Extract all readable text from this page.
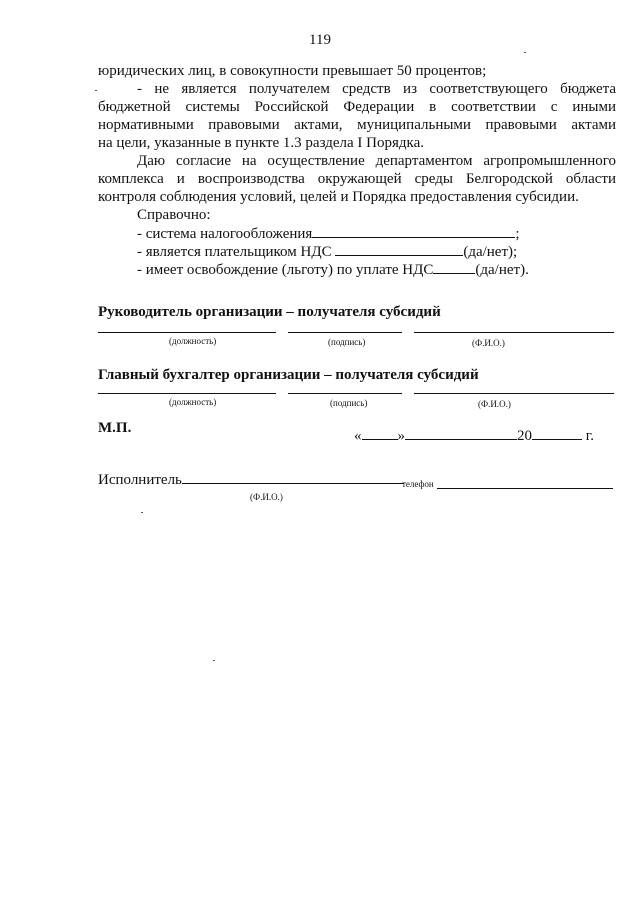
119
юридических лиц, в совокупности превышает 50 процентов;
- не является получателем средств из соответствующего бюджета
бюджетной системы Российской Федерации в соответствии с иными
нормативными правовыми актами, муниципальными правовыми актами
на цели, указанные в пункте 1.3 раздела I Порядка.
Даю согласие на осуществление департаментом агропромышленного
комплекса и воспроизводства окружающей среды Белгородской области
контроля соблюдения условий, целей и Порядка предоставления субсидии.
Справочно:
- система налогообложения	;
- является плательщиком НДС	(да/нет);
- имеет освобождение (льготу) по уплате НДС	(да/нет).
Руководитель организации – получателя субсидий
(должность)	(подпись)	(Ф.И.О.)
Главный бухгалтер организации – получателя субсидий
(должность)	(подпись)	(Ф.И.О.)
М.П.	« »	20	г.
Исполнитель	телефон
(Ф.И.О.)
